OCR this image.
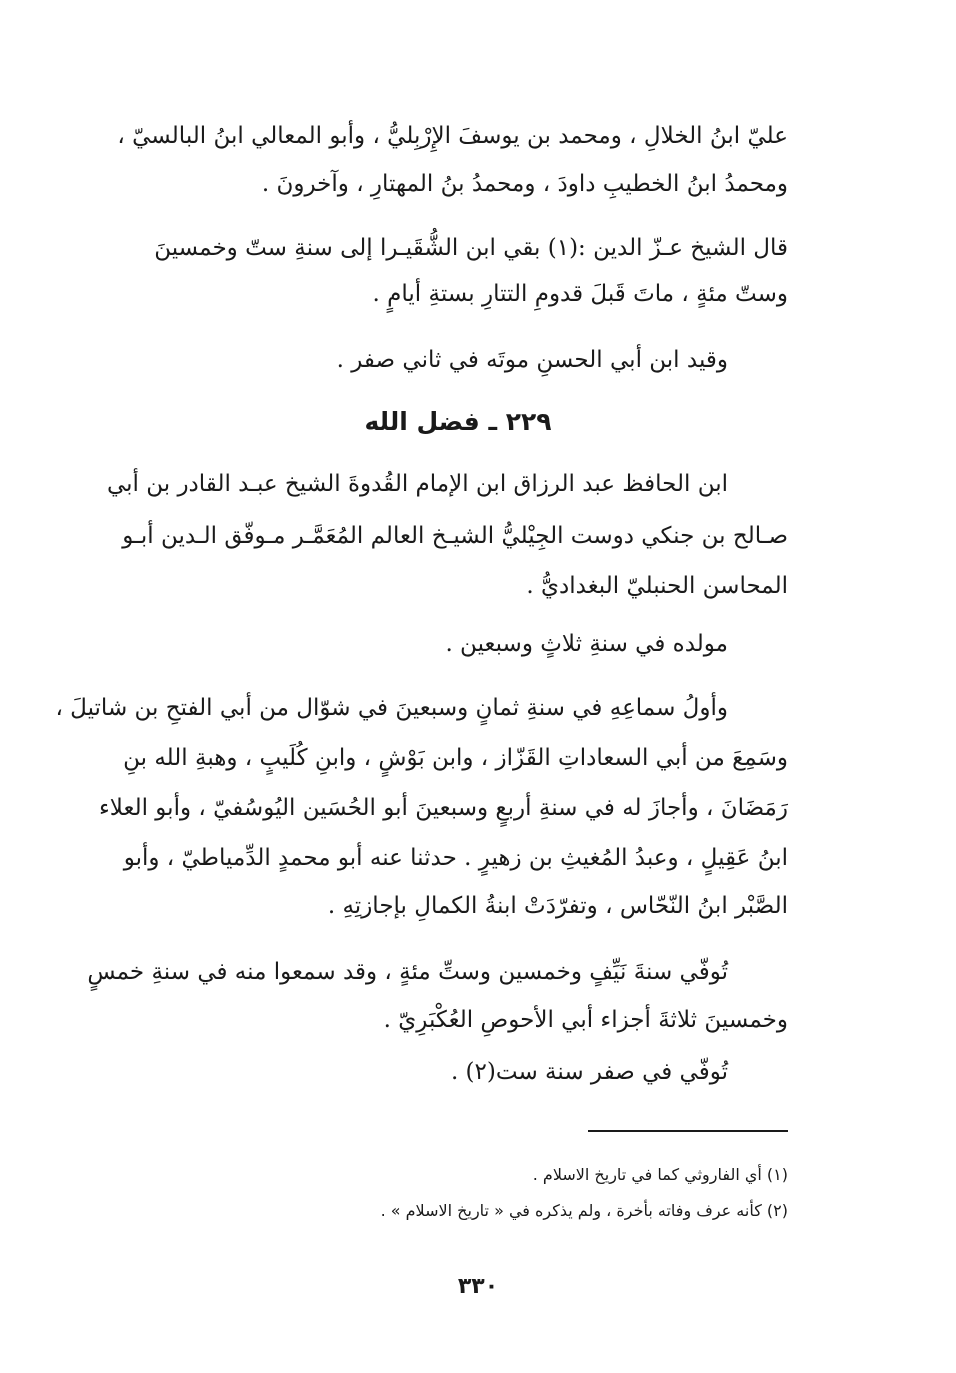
عليّ ابنُ الخلالِ ، ومحمد بن يوسفَ الإِرْبِليُّ ، وأبو المعالي ابنُ البالسيّ ،
ومحمدُ ابنُ الخطيبِ داودَ ، ومحمدُ بنُ المهتارِ ، وآخرونَ .
قال الشيخ عـزّ الدين :(١) بقي ابن الشُّقَيـرا إلى سنةِ ستّ وخمسينَ
وستّ مئةٍ ، ماتَ قَبلَ قدومِ التتارِ بستةِ أيامٍ .
وقيد ابن أبي الحسنِ موتَه في ثاني صفر .
٢٢٩ ـ فضل الله
ابن الحافظ عبد الرزاق ابن الإمام القُدوةَ الشيخ عبـد القادر بن أبي
صـالح بن جنكي دوست الجِيْليُّ الشيـخ العالم المُعَمَّـر مـوفّق الـدين أبـو
المحاسن الحنبليّ البغداديُّ .
مولده في سنةِ ثلاثٍ وسبعين .
وأولُ سماعِهِ في سنةِ ثمانٍ وسبعينَ في شوّال من أبي الفتحِ بن شاتيلَ ،
وسَمِعَ من أبي السعاداتِ القَزّاز ، وابن بَوْشٍ ، وابنِ كُلَيبٍ ، وهبةِ الله بنِ
رَمَضَانَ ، وأجازَ له في سنةِ أربعٍ وسبعينَ أبو الحُسَين اليُوسُفيّ ، وأبو العلاء
ابنُ عَقِيلٍ ، وعبدُ المُغيثِ بن زهيرٍ . حدثنا عنه أبو محمدٍ الدِّمياطيّ ، وأبو
الصَّبْر ابنُ النّحّاس ، وتفرّدَتْ ابنةُ الكمالِ بإجازتِهِ .
تُوفّي سنةَ نَيِّفٍ وخمسين وستِّ مئةٍ ، وقد سمعوا منه في سنةِ خمسٍ
وخمسينَ ثلاثةَ أجزاء أبي الأحوصِ العُكْبَرِيّ .
تُوفّي في صفر سنة ست(٢) .
(١) أي الفاروثي كما في تاريخ الاسلام .
(٢) كأنه عرف وفاته بأخرة ، ولم يذكره في « تاريخ الاسلام » .
٣٣٠
